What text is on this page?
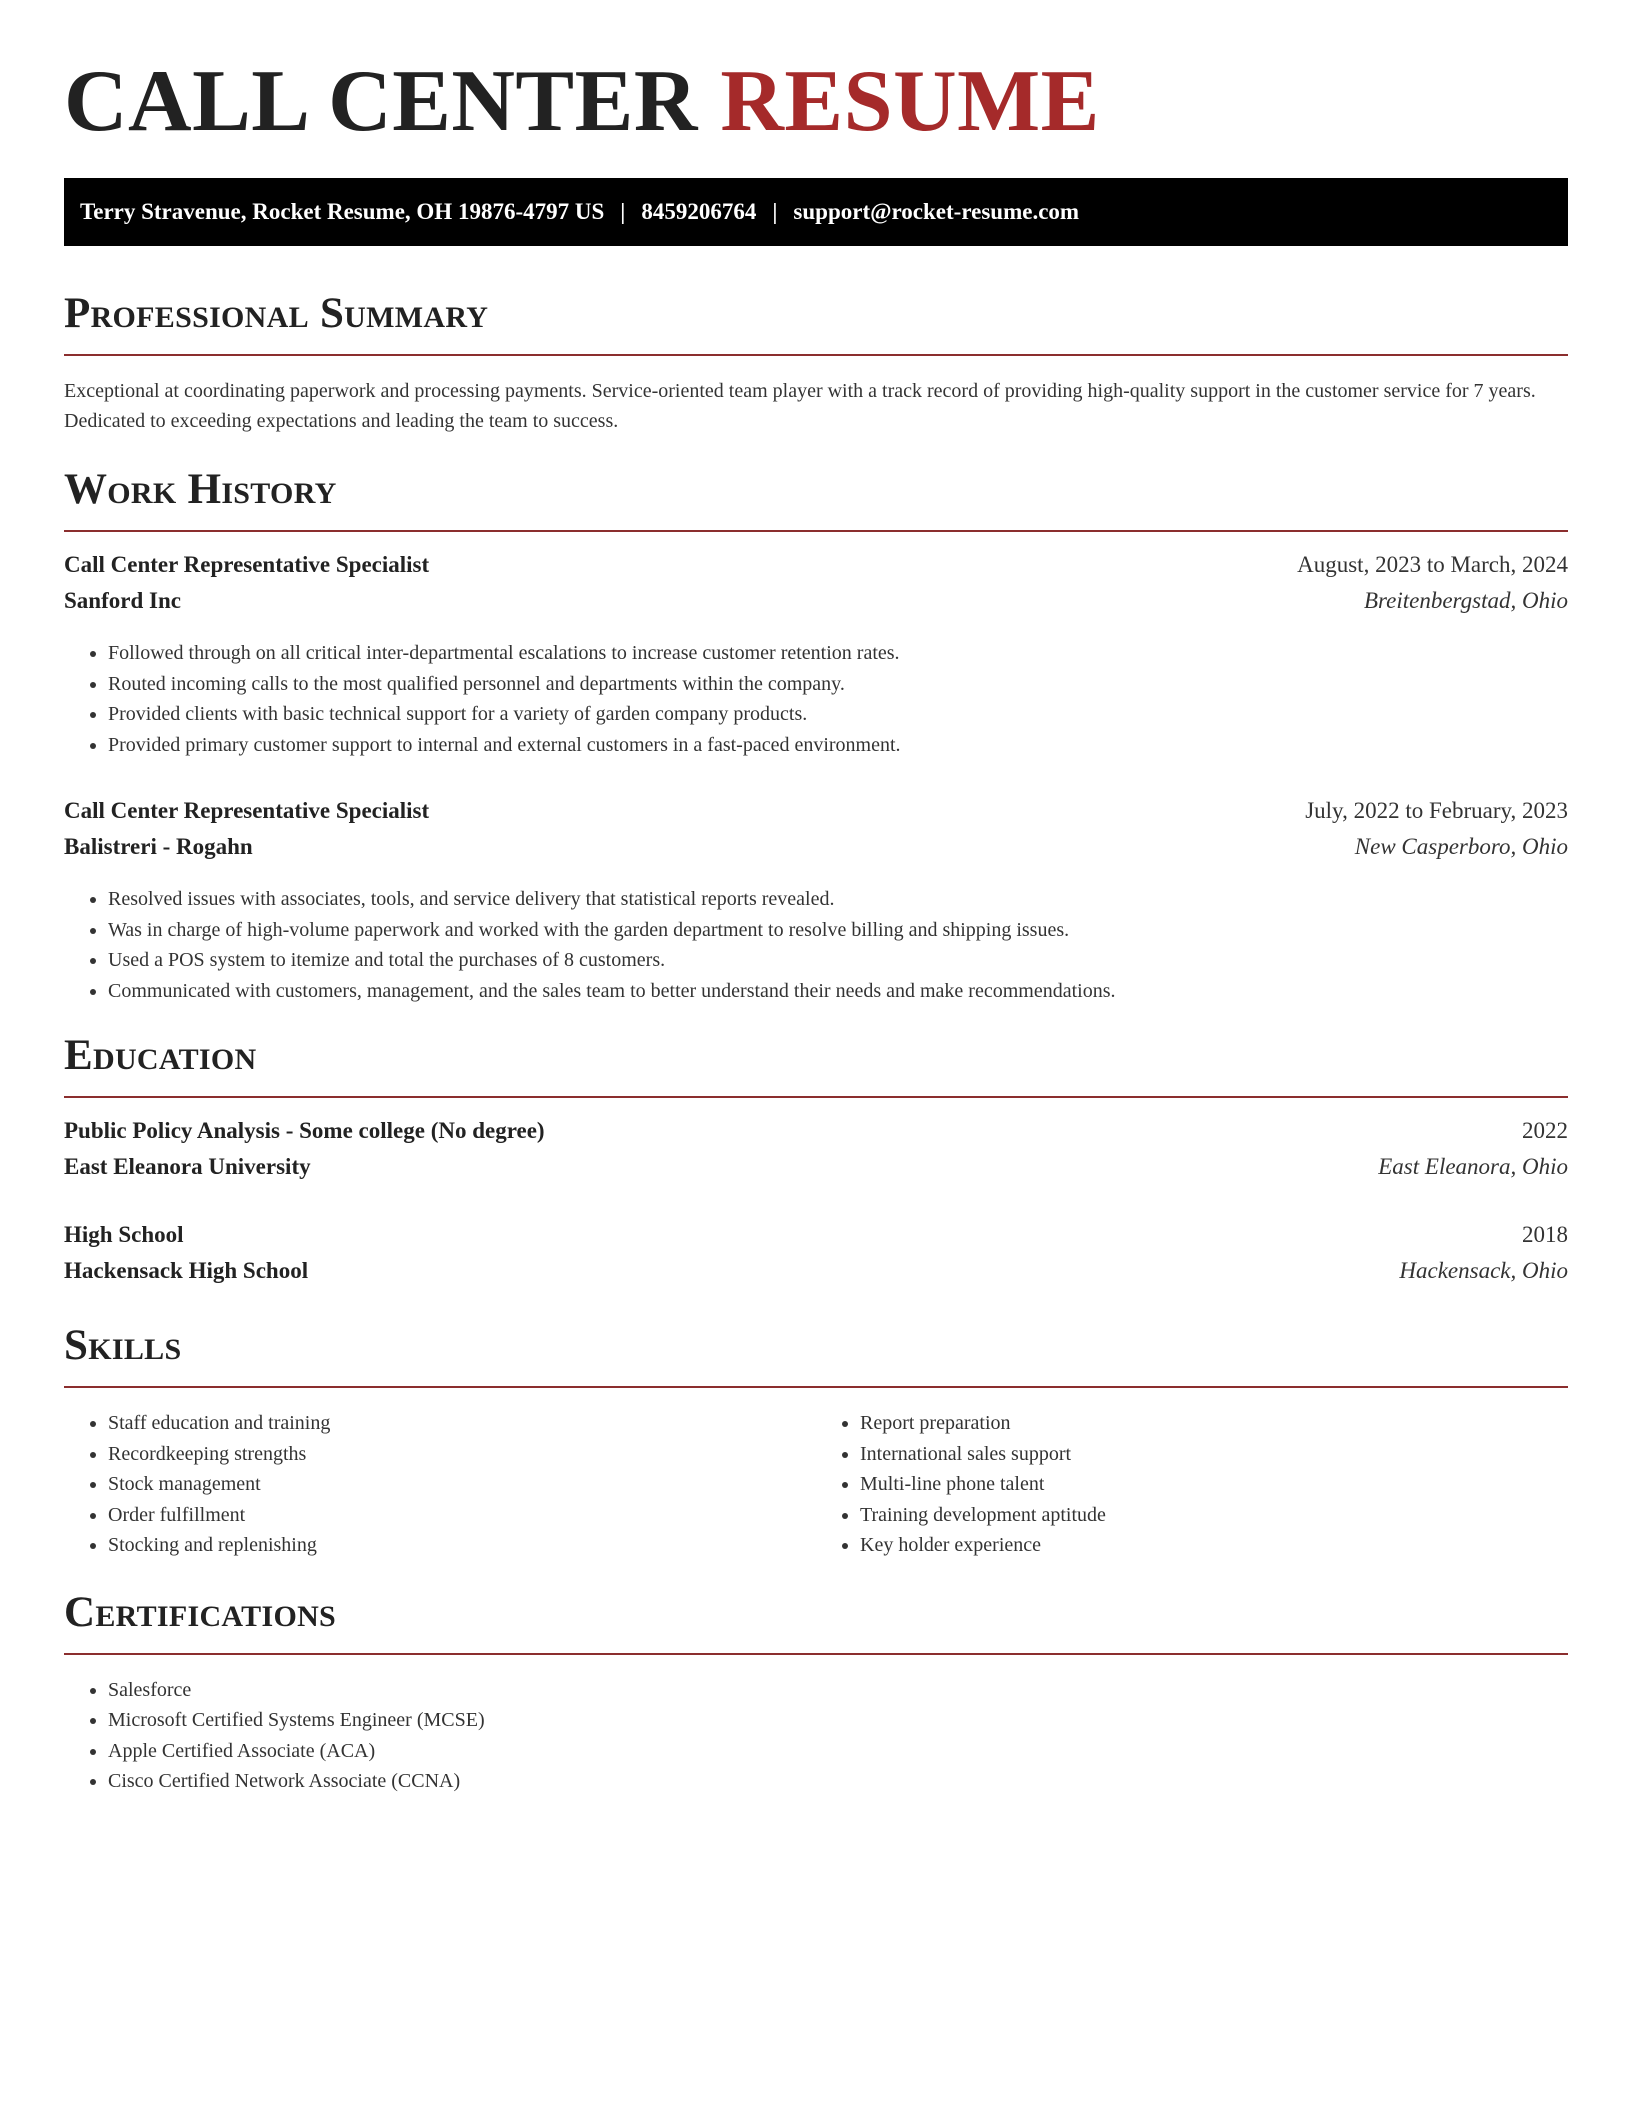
CALL CENTER RESUME
Terry Stravenue, Rocket Resume, OH 19876-4797 US | 8459206764 | support@rocket-resume.com
Professional Summary

Exceptional at coordinating paperwork and processing payments. Service-oriented team player with a track record of providing high-quality support in the customer service for 7 years. Dedicated to exceeding expectations and leading the team to success.

Work History
Call Center Representative Specialist	August, 2023 to March, 2024
Sanford Inc	Breitenbergstad, Ohio
• Followed through on all critical inter-departmental escalations to increase customer retention rates.
• Routed incoming calls to the most qualified personnel and departments within the company.
• Provided clients with basic technical support for a variety of garden company products.
• Provided primary customer support to internal and external customers in a fast-paced environment.
Call Center Representative Specialist	July, 2022 to February, 2023
Balistreri - Rogahn	New Casperboro, Ohio
• Resolved issues with associates, tools, and service delivery that statistical reports revealed.
• Was in charge of high-volume paperwork and worked with the garden department to resolve billing and shipping issues.
• Used a POS system to itemize and total the purchases of 8 customers.
• Communicated with customers, management, and the sales team to better understand their needs and make recommendations.
Education
Public Policy Analysis - Some college (No degree)	2022
East Eleanora University	East Eleanora, Ohio
High School	2018
Hackensack High School	Hackensack, Ohio
Skills
• Staff education and training
• Recordkeeping strengths
• Stock management
• Order fulfillment
• Stocking and replenishing
• Report preparation
• International sales support
• Multi-line phone talent
• Training development aptitude
• Key holder experience
Certifications
• Salesforce
• Microsoft Certified Systems Engineer (MCSE)
• Apple Certified Associate (ACA)
• Cisco Certified Network Associate (CCNA)
